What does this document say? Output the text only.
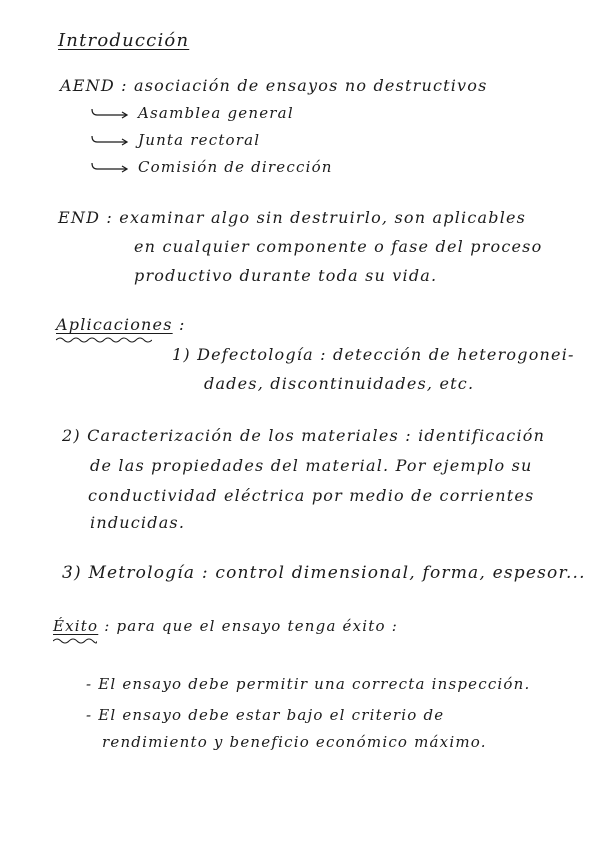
Introducción
AEND : asociación de ensayos no destructivos
Asamblea general
Junta rectoral
Comisión de dirección
END : examinar algo sin destruirlo, son aplicables
en cualquier componente o fase del proceso
productivo durante toda su vida.
Aplicaciones :
1) Defectología : detección de heterogonei-
dades, discontinuidades, etc.
2) Caracterización de los materiales : identificación
de las propiedades del material. Por ejemplo su
conductividad eléctrica por medio de corrientes
inducidas.
3) Metrología : control dimensional, forma, espesor...
Éxito : para que el ensayo tenga éxito :
- El ensayo debe permitir una correcta inspección.
- El ensayo debe estar bajo el criterio de
rendimiento y beneficio económico máximo.
